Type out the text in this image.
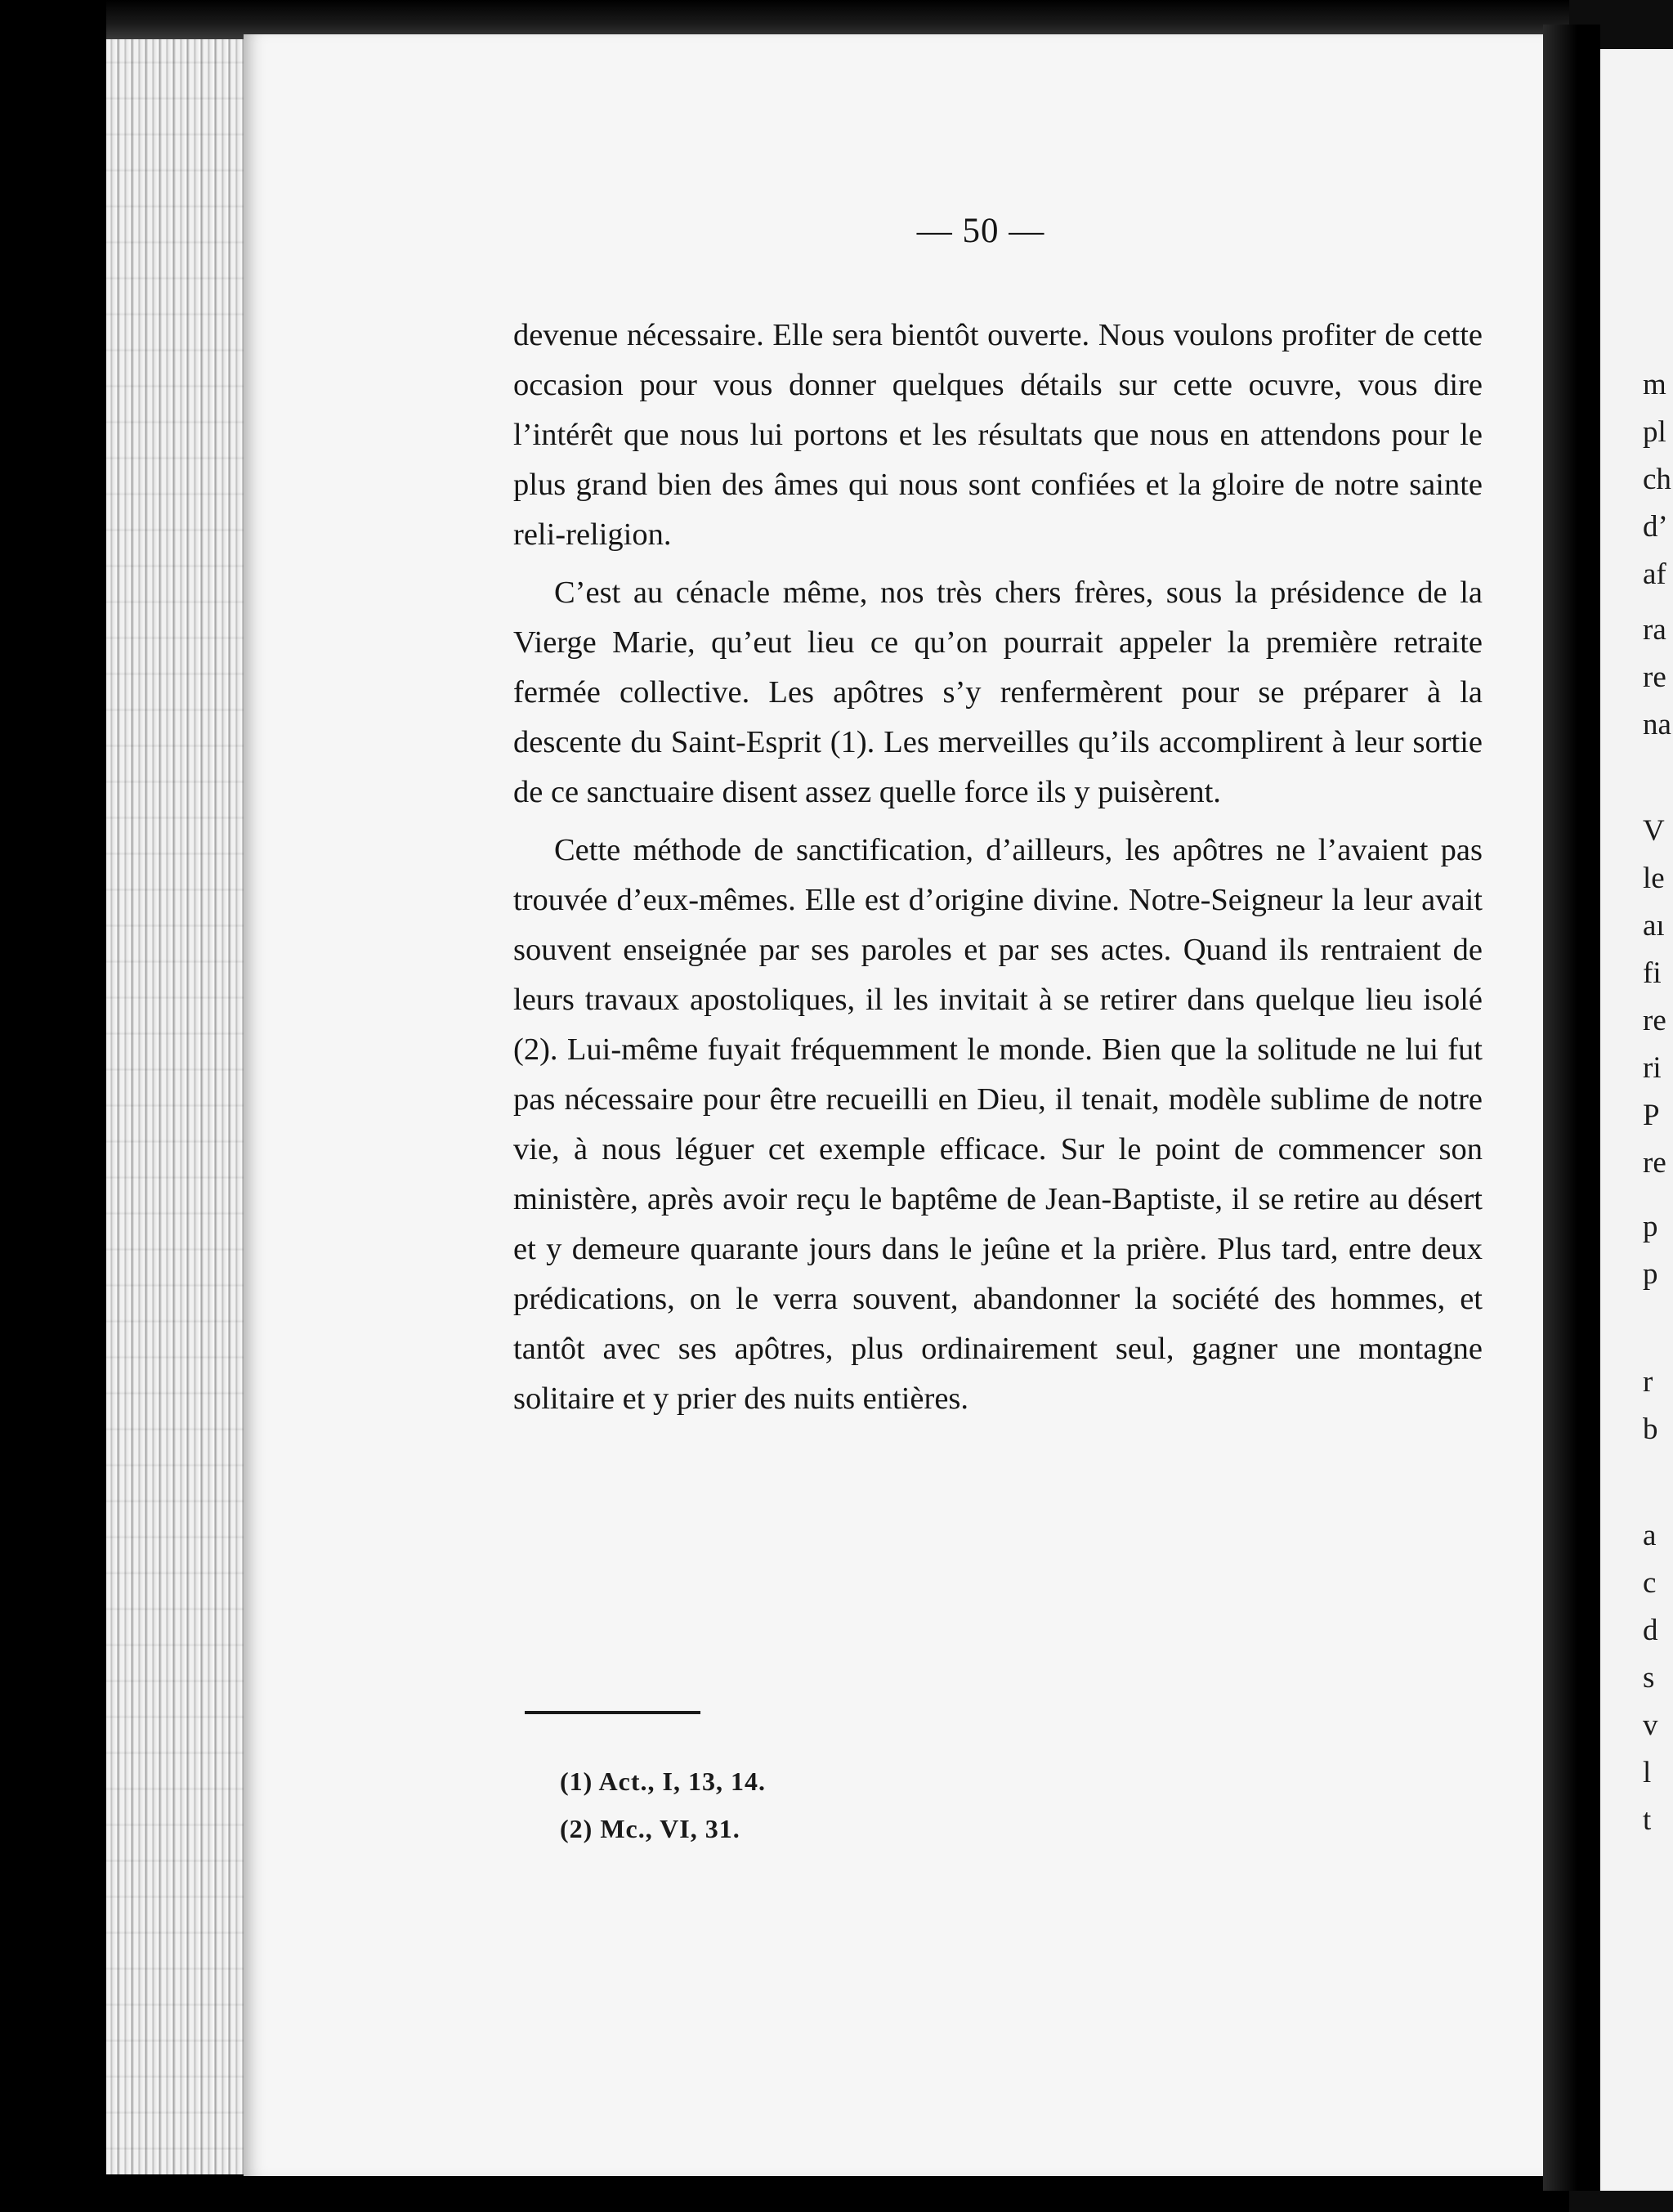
— 50 —

devenue nécessaire. Elle sera bientôt ouverte. Nous voulons profiter de cette occasion pour vous donner quelques détails sur cette ocuvre, vous dire l’intérêt que nous lui portons et les résultats que nous en attendons pour le plus grand bien des âmes qui nous sont confiées et la gloire de notre sainte reli-religion.

C’est au cénacle même, nos très chers frères, sous la présidence de la Vierge Marie, qu’eut lieu ce qu’on pourrait appeler la première retraite fermée collective. Les apôtres s’y renfermèrent pour se préparer à la descente du Saint-Esprit (1). Les merveilles qu’ils accomplirent à leur sortie de ce sanctuaire disent assez quelle force ils y puisèrent.

Cette méthode de sanctification, d’ailleurs, les apôtres ne l’avaient pas trouvée d’eux-mêmes. Elle est d’origine divine. Notre-Seigneur la leur avait souvent enseignée par ses paroles et par ses actes. Quand ils rentraient de leurs travaux apostoliques, il les invitait à se retirer dans quelque lieu isolé (2). Lui-même fuyait fréquemment le monde. Bien que la solitude ne lui fut pas nécessaire pour être recueilli en Dieu, il tenait, modèle sublime de notre vie, à nous léguer cet exemple efficace. Sur le point de commencer son ministère, après avoir reçu le baptême de Jean-Baptiste, il se retire au désert et y demeure quarante jours dans le jeûne et la prière. Plus tard, entre deux prédications, on le verra souvent, abandonner la société des hommes, et tantôt avec ses apôtres, plus ordinairement seul, gagner une montagne solitaire et y prier des nuits entières.

(1) Act., I, 13, 14.
(2) Mc., VI, 31.
m
pl
ch
d’
af
ra
re
na
V
le
aı
fi
re
ri
P
re
p
p
r
b
a
c
d
s
v
l
t
